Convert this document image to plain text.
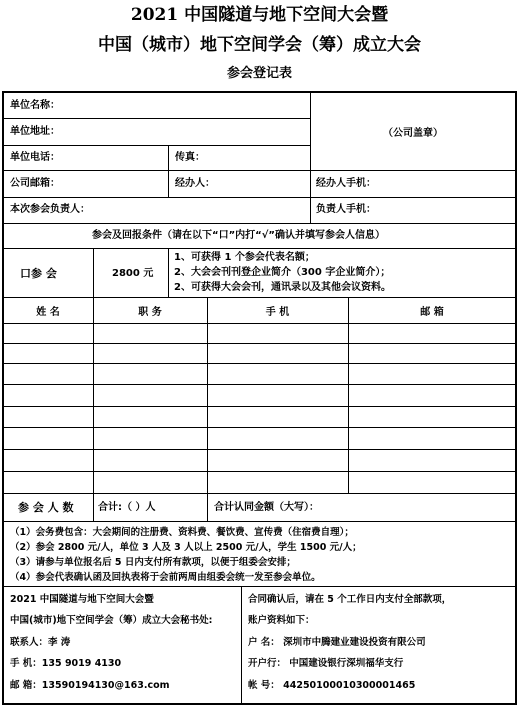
2021 中国隧道与地下空间大会暨
中国（城市）地下空间学会（筹）成立大会
参会登记表
单位名称：
单位地址：
单位电话：	传真：
（公司盖章）
公司邮箱：	经办人：	经办人手机：
本次参会负责人：	负责人手机：
参会及回报条件（请在以下“口”内打“√”确认并填写参会人信息）
口参 会	2800 元
1、可获得 1 个参会代表名额；
2、大会会刊刊登企业简介（300 字企业简介）；
2、可获得大会会刊，通讯录以及其他会议资料。
姓 名	职 务	手 机	邮 箱
参 会 人 数 合计:（ ）人	合计认同金额（大写）：
（1）会务费包含：大会期间的注册费、资料费、餐饮费、宣传费（住宿费自理）；
（2）参会 2800 元/人，单位 3 人及 3 人以上 2500 元/人，学生 1500 元/人；
（3）请参与单位报名后 5 日内支付所有款项，以便于组委会安排；
（4）参会代表确认函及回执表将于会前两周由组委会统一发至参会单位。
2021 中国隧道与地下空间大会暨
中国(城市)地下空间学会（筹）成立大会秘书处:
联系人：李 涛
手 机：135 9019 4130
邮 箱：13590194130@163.com
合同确认后，请在 5 个工作日内支付全部款项，
账户资料如下：
户 名： 深圳市中腾建业建设投资有限公司
开户行： 中国建设银行深圳福华支行
帐 号： 44250100010300001465
